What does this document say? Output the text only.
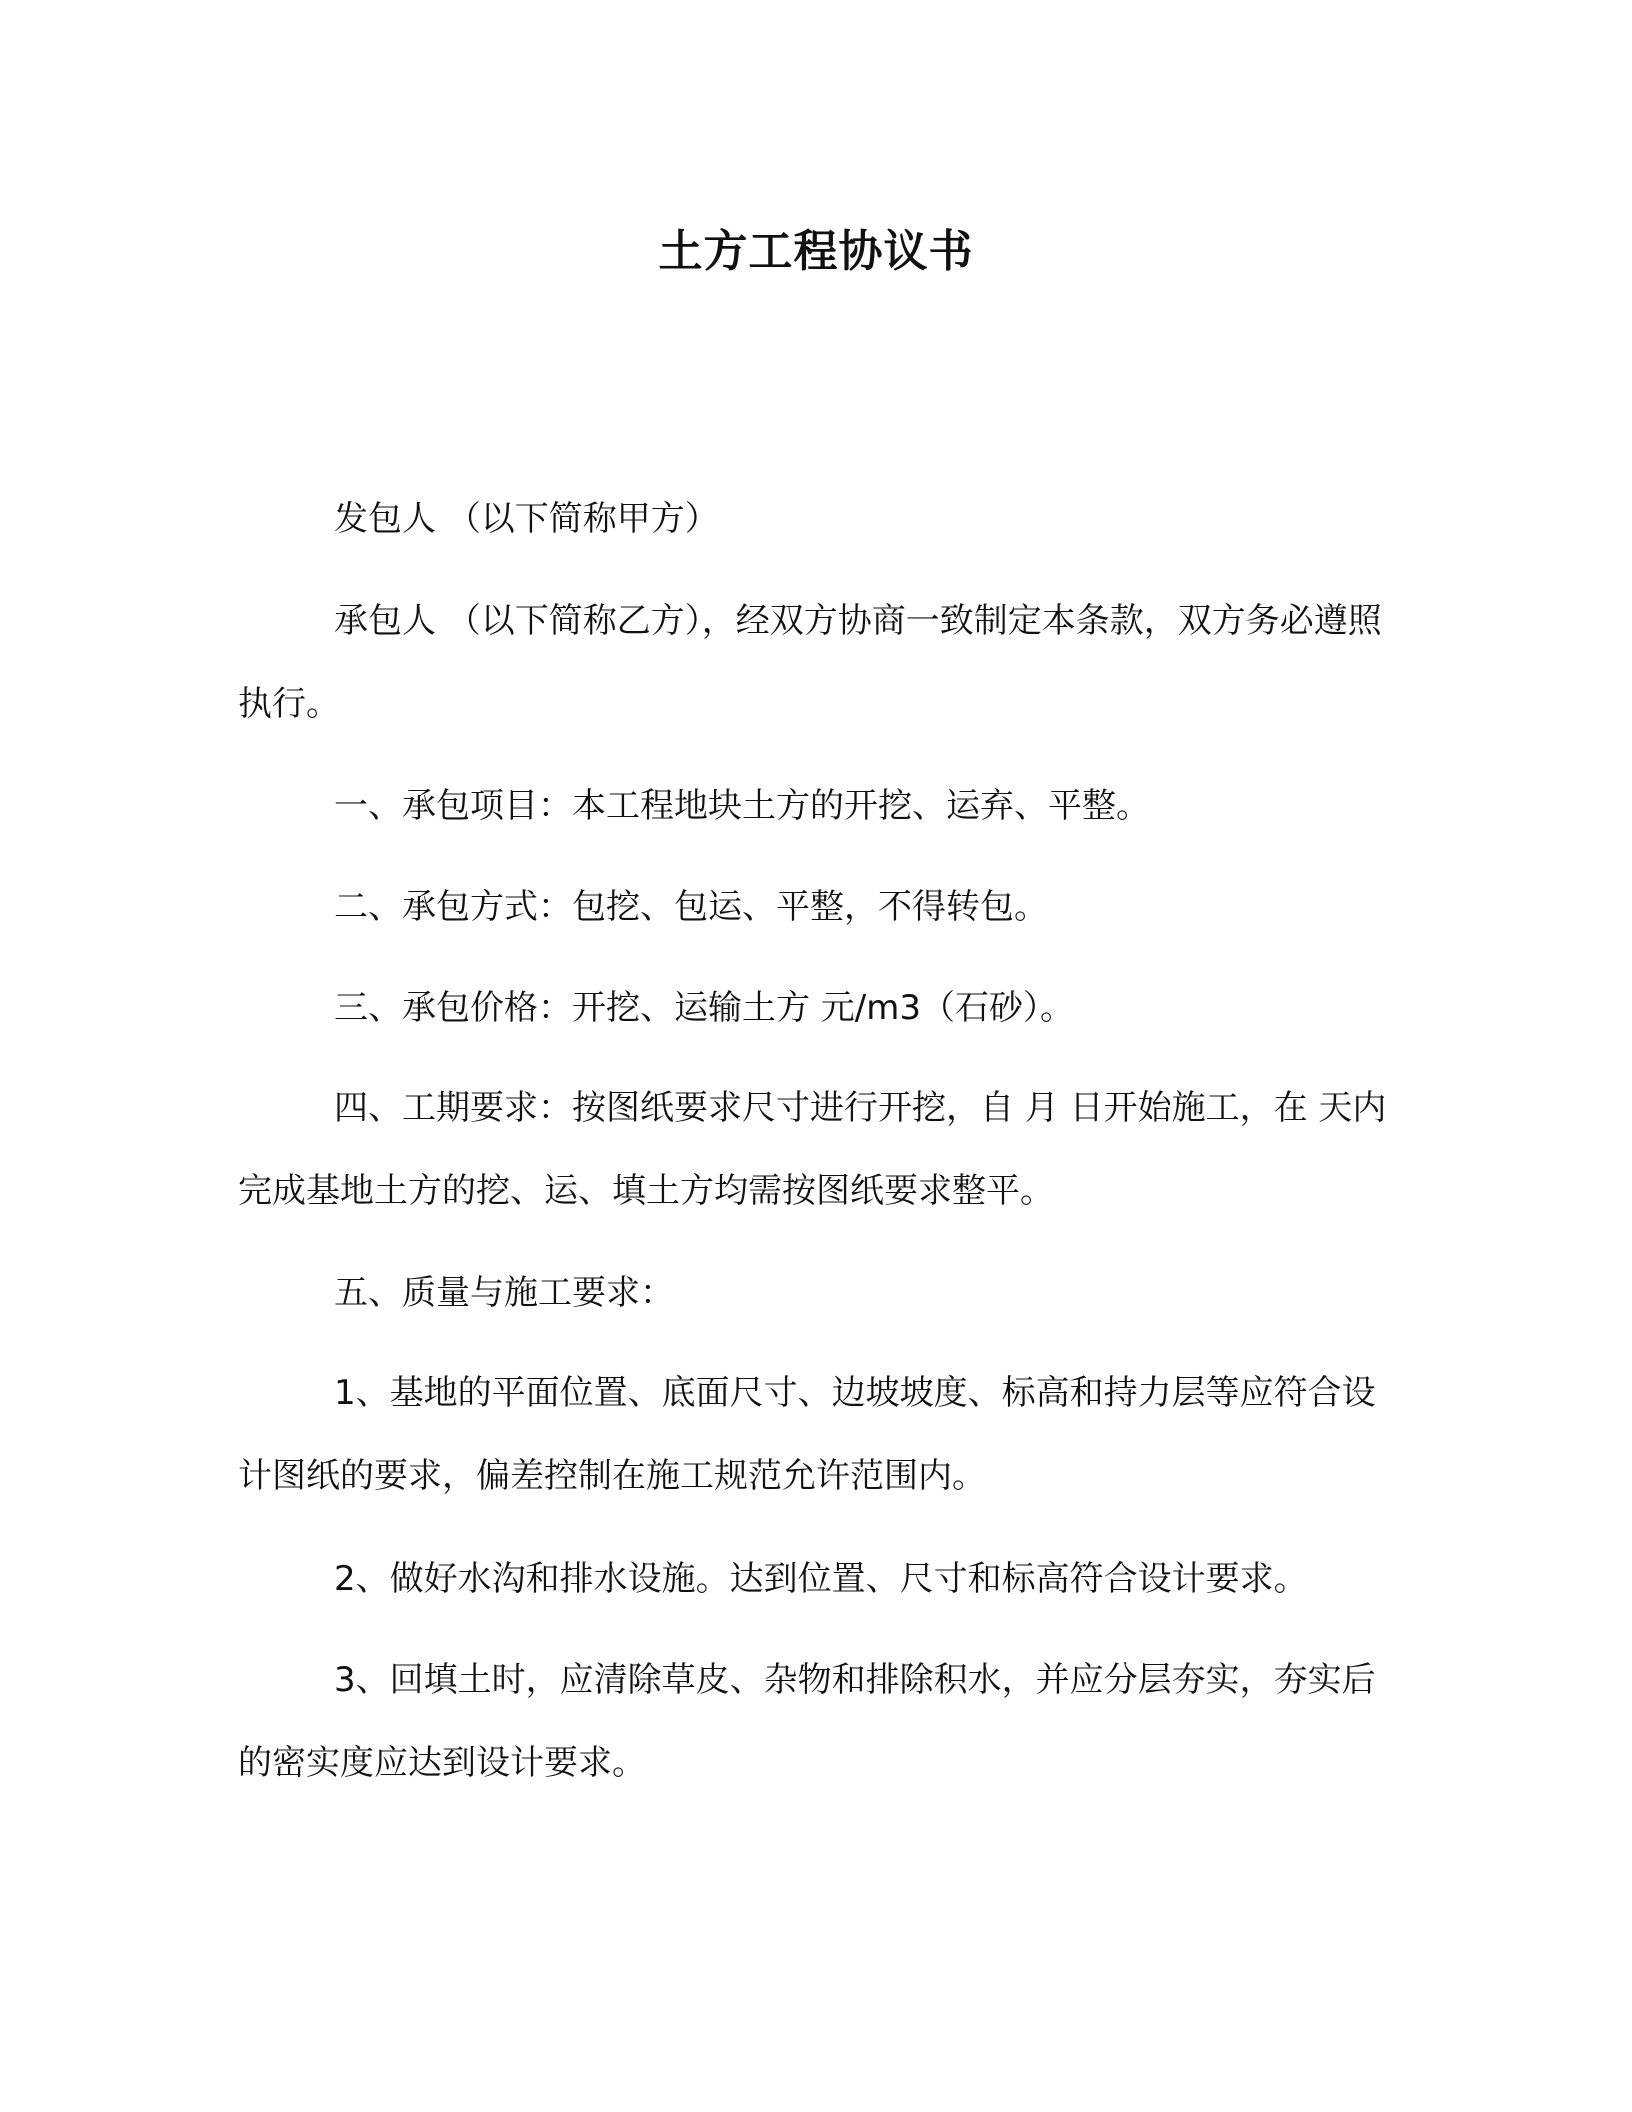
土方工程协议书
发包人 （以下简称甲方）
承包人 （以下简称乙方），经双方协商一致制定本条款，双方务必遵照执行。
一、承包项目：本工程地块土方的开挖、运弃、平整。
二、承包方式：包挖、包运、平整，不得转包。
三、承包价格：开挖、运输土方 元/m3（石砂）。
四、工期要求：按图纸要求尺寸进行开挖，自 月 日开始施工，在 天内完成基地土方的挖、运、填土方均需按图纸要求整平。
五、质量与施工要求：
1、基地的平面位置、底面尺寸、边坡坡度、标高和持力层等应符合设计图纸的要求，偏差控制在施工规范允许范围内。
2、做好水沟和排水设施。达到位置、尺寸和标高符合设计要求。
3、回填土时，应清除草皮、杂物和排除积水，并应分层夯实，夯实后的密实度应达到设计要求。
